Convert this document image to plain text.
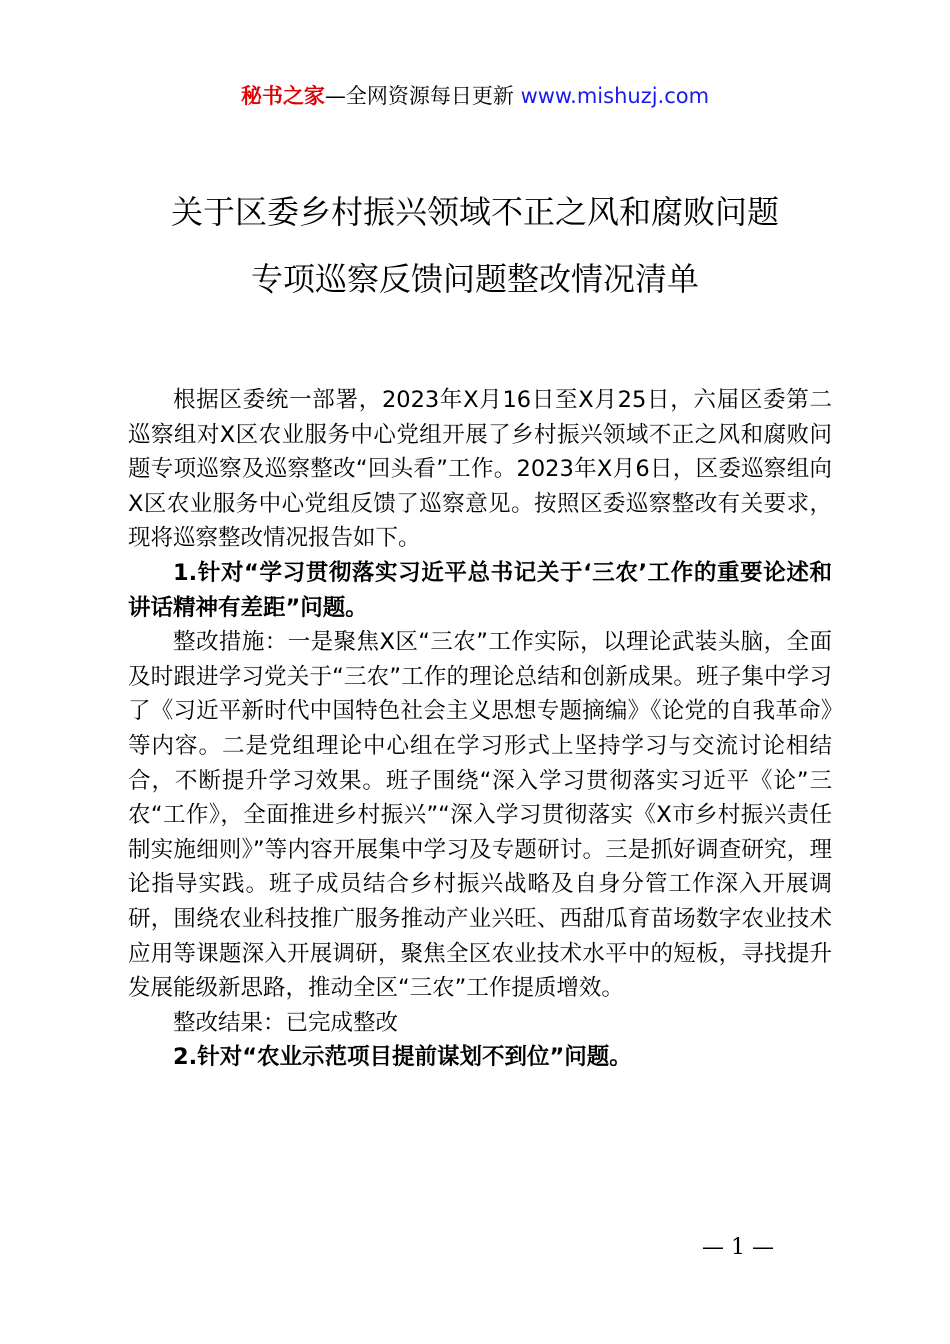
秘书之家—全网资源每日更新 www.mishuzj.com
关于区委乡村振兴领域不正之风和腐败问题
专项巡察反馈问题整改情况清单

根据区委统一部署，2023年X月16日至X月25日，六届区委第二巡察组对X区农业服务中心党组开展了乡村振兴领域不正之风和腐败问题专项巡察及巡察整改“回头看”工作。2023年X月6日，区委巡察组向X区农业服务中心党组反馈了巡察意见。按照区委巡察整改有关要求，现将巡察整改情况报告如下。

1.针对“学习贯彻落实习近平总书记关于‘三农’工作的重要论述和讲话精神有差距”问题。

整改措施：一是聚焦X区“三农”工作实际，以理论武装头脑，全面及时跟进学习党关于“三农”工作的理论总结和创新成果。班子集中学习了《习近平新时代中国特色社会主义思想专题摘编》《论党的自我革命》等内容。二是党组理论中心组在学习形式上坚持学习与交流讨论相结合，不断提升学习效果。班子围绕“深入学习贯彻落实习近平《论”三农“工作》，全面推进乡村振兴”“深入学习贯彻落实《X市乡村振兴责任制实施细则》”等内容开展集中学习及专题研讨。三是抓好调查研究，理论指导实践。班子成员结合乡村振兴战略及自身分管工作深入开展调研，围绕农业科技推广服务推动产业兴旺、西甜瓜育苗场数字农业技术应用等课题深入开展调研，聚焦全区农业技术水平中的短板，寻找提升发展能级新思路，推动全区“三农”工作提质增效。

整改结果：已完成整改

2.针对“农业示范项目提前谋划不到位”问题。

— 1 —
